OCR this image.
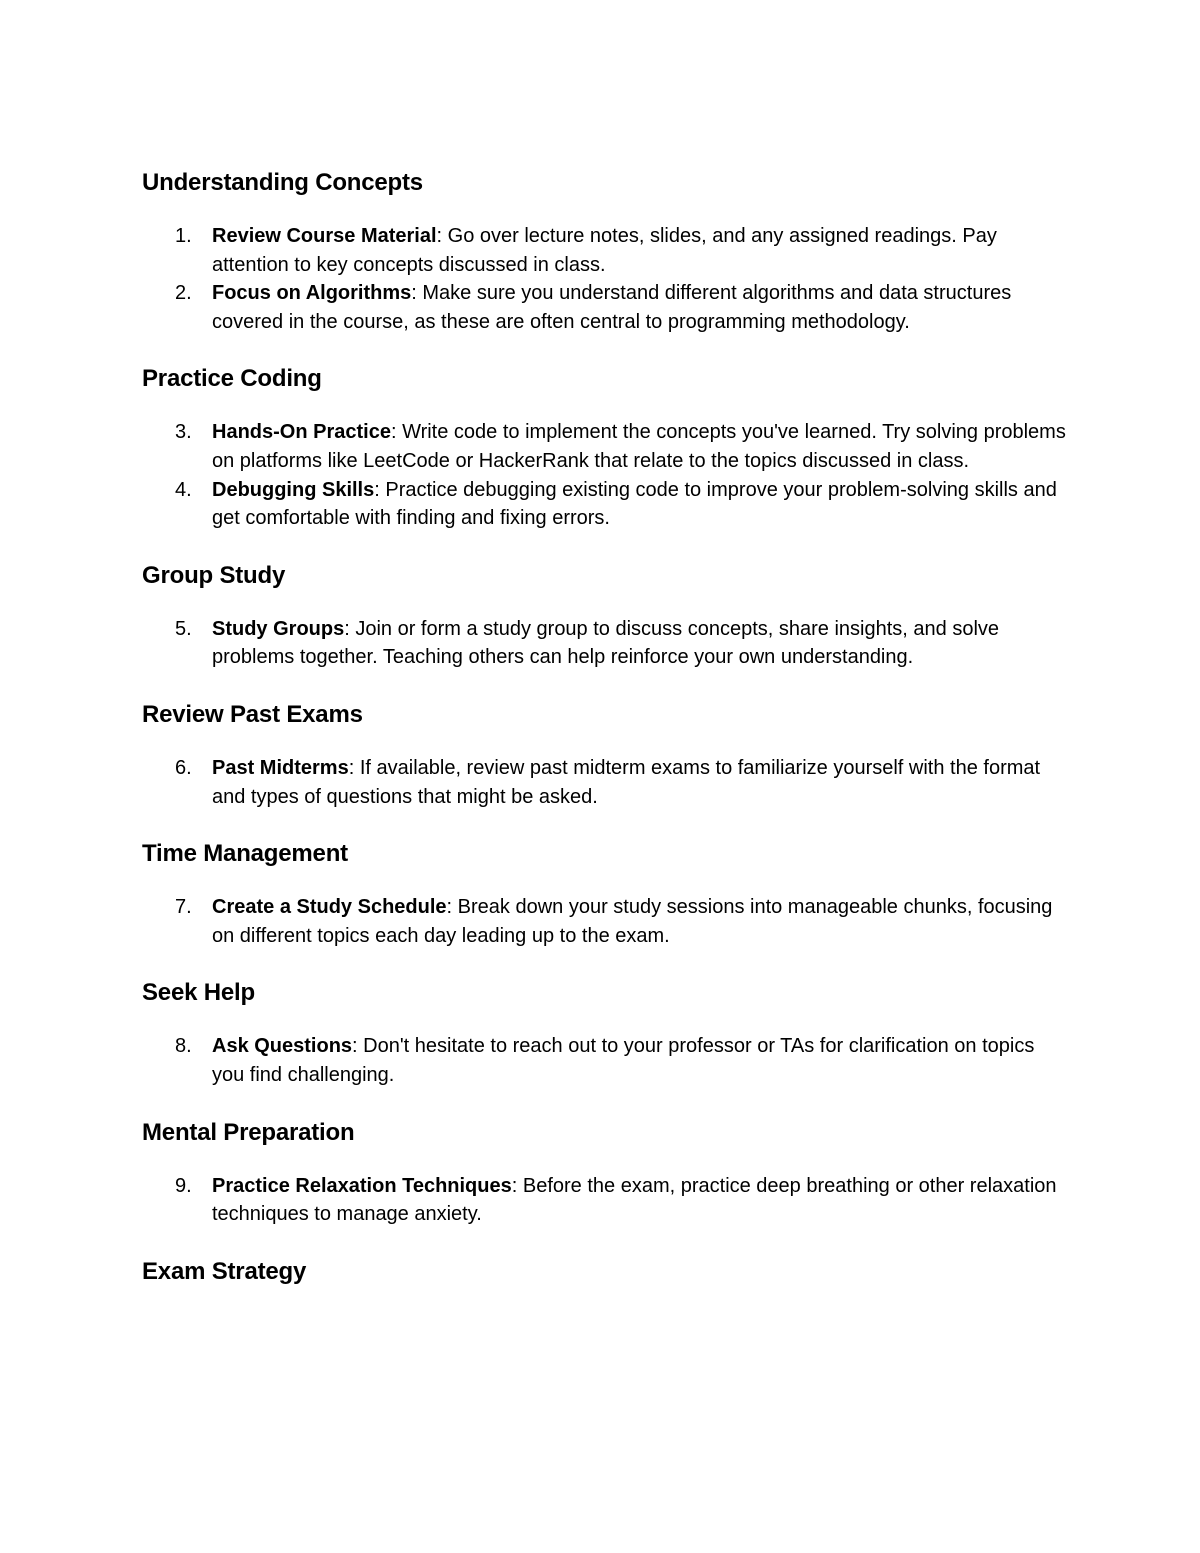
Understanding Concepts
1.	Review Course Material: Go over lecture notes, slides, and any assigned readings. Pay attention to key concepts discussed in class.
2.	Focus on Algorithms: Make sure you understand different algorithms and data structures covered in the course, as these are often central to programming methodology.
Practice Coding
3.	Hands-On Practice: Write code to implement the concepts you've learned. Try solving problems on platforms like LeetCode or HackerRank that relate to the topics discussed in class.
4.	Debugging Skills: Practice debugging existing code to improve your problem-solving skills and get comfortable with finding and fixing errors.
Group Study
5.	Study Groups: Join or form a study group to discuss concepts, share insights, and solve problems together. Teaching others can help reinforce your own understanding.
Review Past Exams
6.	Past Midterms: If available, review past midterm exams to familiarize yourself with the format and types of questions that might be asked.
Time Management
7.	Create a Study Schedule: Break down your study sessions into manageable chunks, focusing on different topics each day leading up to the exam.
Seek Help
8.	Ask Questions: Don't hesitate to reach out to your professor or TAs for clarification on topics you find challenging.
Mental Preparation
9.	Practice Relaxation Techniques: Before the exam, practice deep breathing or other relaxation techniques to manage anxiety.
Exam Strategy
